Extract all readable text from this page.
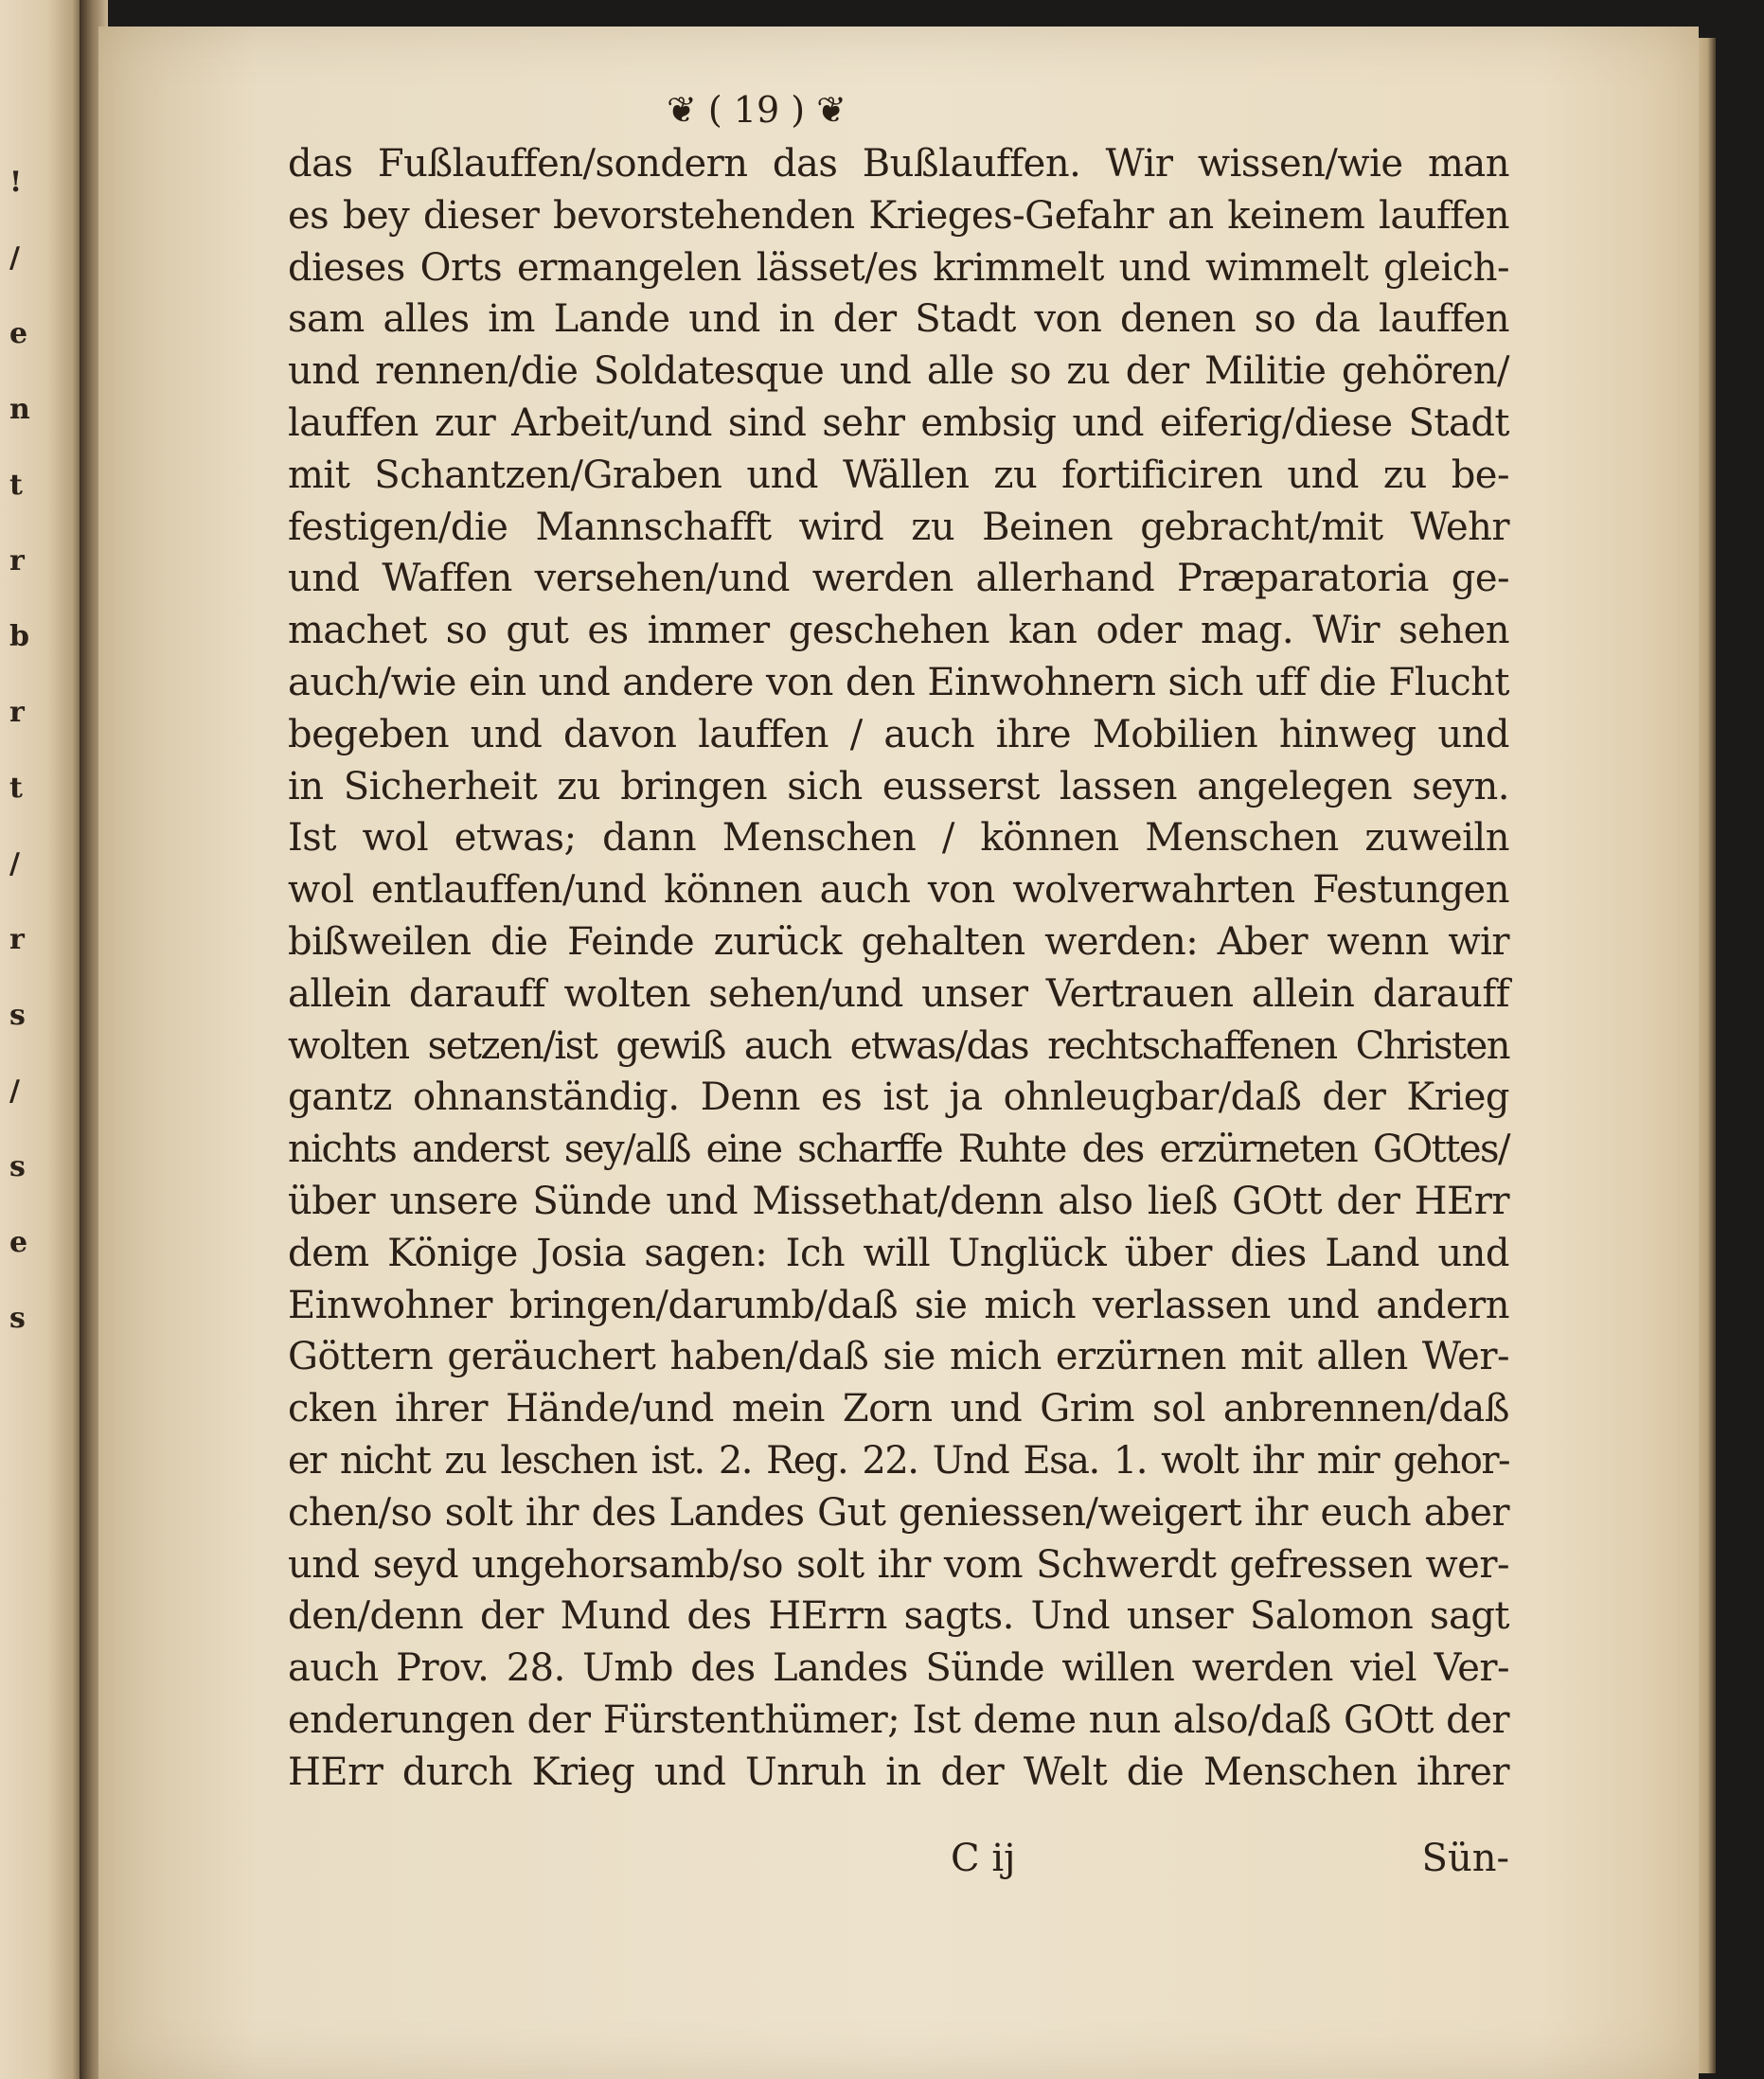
!
/
e
n
t
r
b
r
t
/
r
s
/
s
e
s
❦ ( 19 ) ❦
das Fußlauffen/sondern das Bußlauffen. Wir wissen/wie man
es bey dieser bevorstehenden Krieges-Gefahr an keinem lauffen
dieses Orts ermangelen lässet/es krimmelt und wimmelt gleich-
sam alles im Lande und in der Stadt von denen so da lauffen
und rennen/die Soldatesque und alle so zu der Militie gehören/
lauffen zur Arbeit/und sind sehr embsig und eiferig/diese Stadt
mit Schantzen/Graben und Wällen zu fortificiren und zu be-
festigen/die Mannschafft wird zu Beinen gebracht/mit Wehr
und Waffen versehen/und werden allerhand Præparatoria ge-
machet so gut es immer geschehen kan oder mag. Wir sehen
auch/wie ein und andere von den Einwohnern sich uff die Flucht
begeben und davon lauffen / auch ihre Mobilien hinweg und
in Sicherheit zu bringen sich eusserst lassen angelegen seyn.
Ist wol etwas; dann Menschen / können Menschen zuweiln
wol entlauffen/und können auch von wolverwahrten Festungen
bißweilen die Feinde zurück gehalten werden: Aber wenn wir
allein darauff wolten sehen/und unser Vertrauen allein darauff
wolten setzen/ist gewiß auch etwas/das rechtschaffenen Christen
gantz ohnanständig. Denn es ist ja ohnleugbar/daß der Krieg
nichts anderst sey/alß eine scharffe Ruhte des erzürneten GOttes/
über unsere Sünde und Missethat/denn also ließ GOtt der HErr
dem Könige Josia sagen: Ich will Unglück über dies Land und
Einwohner bringen/darumb/daß sie mich verlassen und andern
Göttern geräuchert haben/daß sie mich erzürnen mit allen Wer-
cken ihrer Hände/und mein Zorn und Grim sol anbrennen/daß
er nicht zu leschen ist. 2. Reg. 22. Und Esa. 1. wolt ihr mir gehor-
chen/so solt ihr des Landes Gut geniessen/weigert ihr euch aber
und seyd ungehorsamb/so solt ihr vom Schwerdt gefressen wer-
den/denn der Mund des HErrn sagts. Und unser Salomon sagt
auch Prov. 28. Umb des Landes Sünde willen werden viel Ver-
enderungen der Fürstenthümer; Ist deme nun also/daß GOtt der
HErr durch Krieg und Unruh in der Welt die Menschen ihrer
C ij	Sün-
